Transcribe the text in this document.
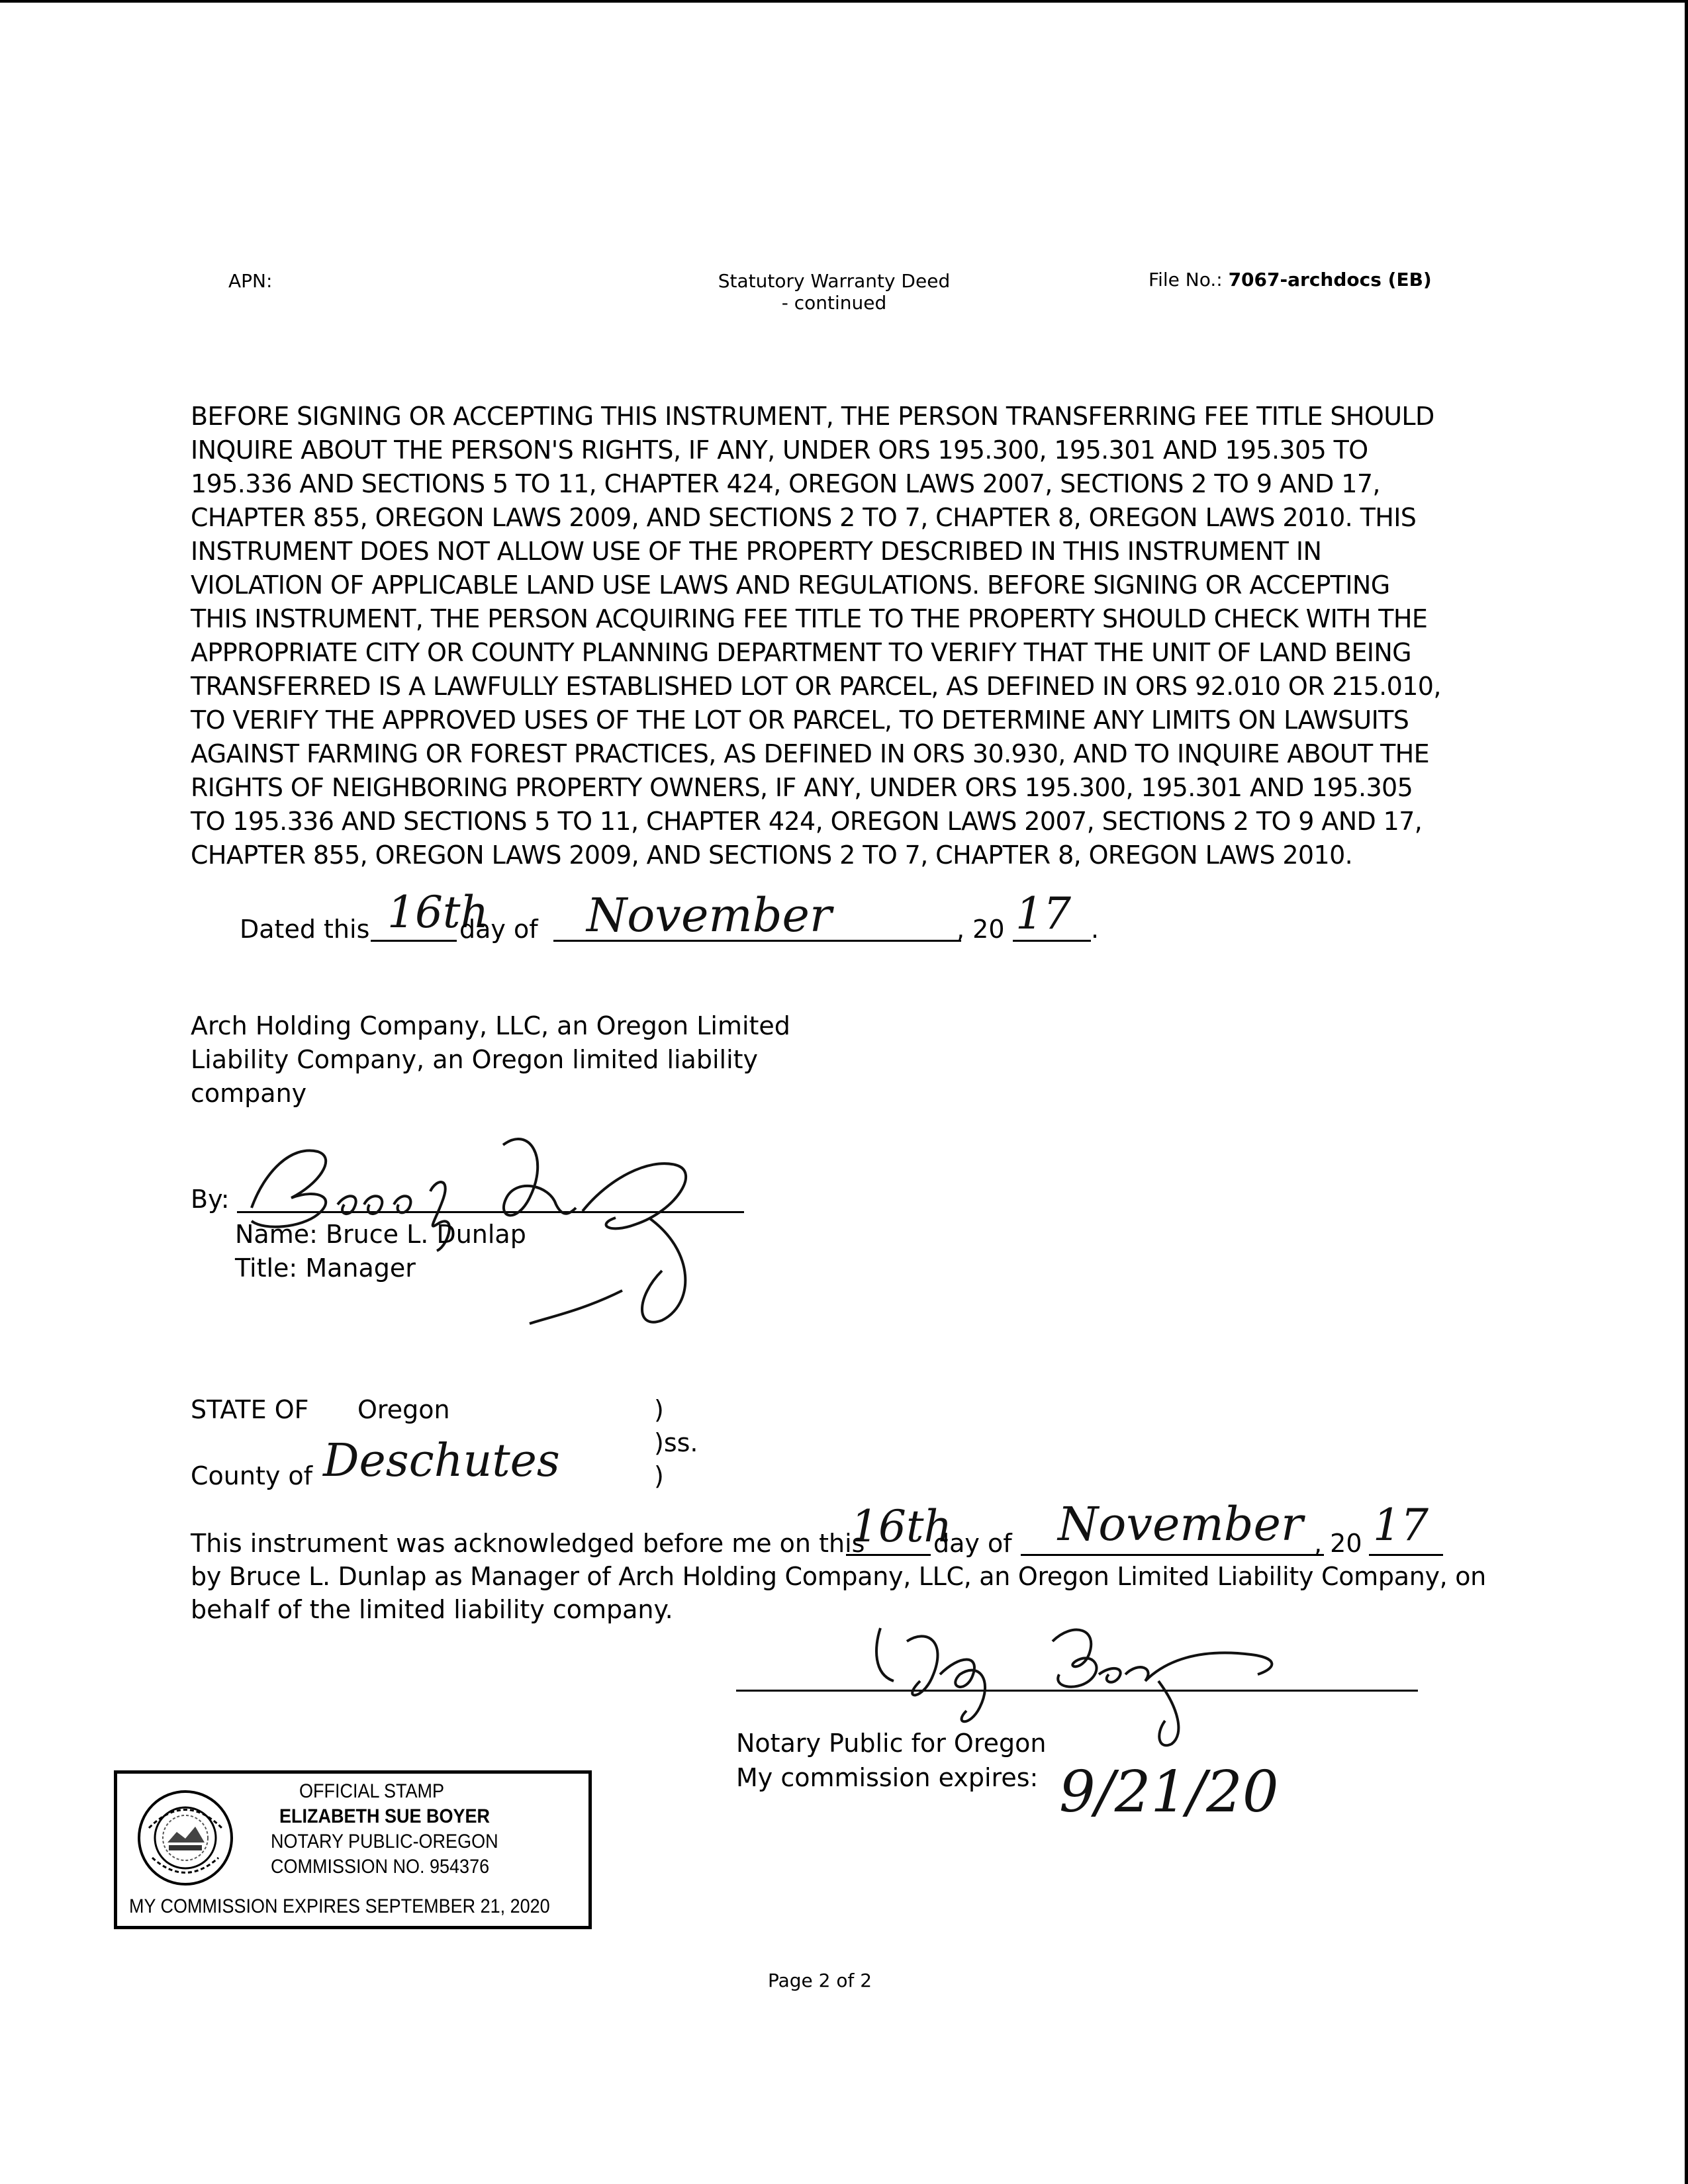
APN:	Statutory Warranty Deed
- continued
File No.: 7067-archdocs (EB)
BEFORE SIGNING OR ACCEPTING THIS INSTRUMENT, THE PERSON TRANSFERRING FEE TITLE SHOULD
INQUIRE ABOUT THE PERSON'S RIGHTS, IF ANY, UNDER ORS 195.300, 195.301 AND 195.305 TO
195.336 AND SECTIONS 5 TO 11, CHAPTER 424, OREGON LAWS 2007, SECTIONS 2 TO 9 AND 17,
CHAPTER 855, OREGON LAWS 2009, AND SECTIONS 2 TO 7, CHAPTER 8, OREGON LAWS 2010. THIS
INSTRUMENT DOES NOT ALLOW USE OF THE PROPERTY DESCRIBED IN THIS INSTRUMENT IN
VIOLATION OF APPLICABLE LAND USE LAWS AND REGULATIONS. BEFORE SIGNING OR ACCEPTING
THIS INSTRUMENT, THE PERSON ACQUIRING FEE TITLE TO THE PROPERTY SHOULD CHECK WITH THE
APPROPRIATE CITY OR COUNTY PLANNING DEPARTMENT TO VERIFY THAT THE UNIT OF LAND BEING
TRANSFERRED IS A LAWFULLY ESTABLISHED LOT OR PARCEL, AS DEFINED IN ORS 92.010 OR 215.010,
TO VERIFY THE APPROVED USES OF THE LOT OR PARCEL, TO DETERMINE ANY LIMITS ON LAWSUITS
AGAINST FARMING OR FOREST PRACTICES, AS DEFINED IN ORS 30.930, AND TO INQUIRE ABOUT THE
RIGHTS OF NEIGHBORING PROPERTY OWNERS, IF ANY, UNDER ORS 195.300, 195.301 AND 195.305
TO 195.336 AND SECTIONS 5 TO 11, CHAPTER 424, OREGON LAWS 2007, SECTIONS 2 TO 9 AND 17,
CHAPTER 855, OREGON LAWS 2009, AND SECTIONS 2 TO 7, CHAPTER 8, OREGON LAWS 2010.
Dated this 16th
day of November	, 20 17 .
Arch Holding Company, LLC, an Oregon Limited
Liability Company, an Oregon limited liability
company
By:
Name: Bruce L. Dunlap
Title: Manager
STATE OF Oregon	)
)ss.
County of Deschutes	)
This instrument was acknowledged before me on this
16th
day of November , 20 17
by Bruce L. Dunlap as Manager of Arch Holding Company, LLC, an Oregon Limited Liability Company, on
behalf of the limited liability company.
Notary Public for Oregon
My commission expires: 9/21/20
OFFICIAL STAMP
ELIZABETH SUE BOYER
NOTARY PUBLIC-OREGON
COMMISSION NO. 954376
MY COMMISSION EXPIRES SEPTEMBER 21, 2020
Page 2 of 2
